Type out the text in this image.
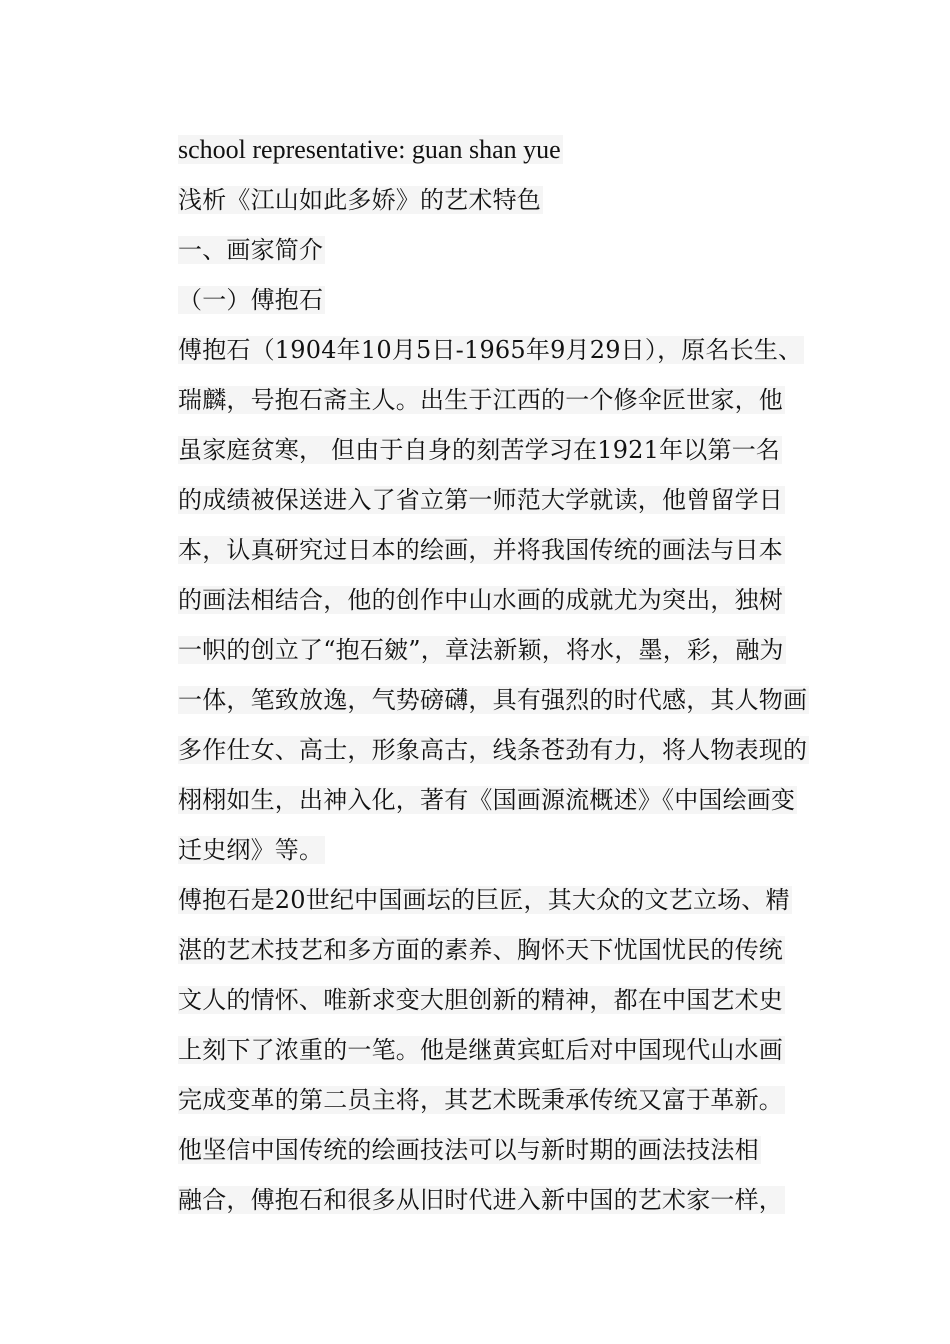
school representative: guan shan yue
浅析《江山如此多娇》的艺术特色
一、画家简介
（一）傅抱石
傅抱石（1904年10月5日-1965年9月29日），原名长生、
瑞麟，号抱石斋主人。出生于江西的一个修伞匠世家，他
虽家庭贫寒， 但由于自身的刻苦学习在1921年以第一名
的成绩被保送进入了省立第一师范大学就读，他曾留学日
本，认真研究过日本的绘画，并将我国传统的画法与日本
的画法相结合，他的创作中山水画的成就尤为突出，独树
一帜的创立了“抱石皴”，章法新颖，将水，墨，彩，融为
一体，笔致放逸，气势磅礴，具有强烈的时代感，其人物画
多作仕女、高士，形象高古，线条苍劲有力，将人物表现的
栩栩如生，出神入化，著有《国画源流概述》《中国绘画变
迁史纲》等。
傅抱石是20世纪中国画坛的巨匠，其大众的文艺立场、精
湛的艺术技艺和多方面的素养、胸怀天下忧国忧民的传统
文人的情怀、唯新求变大胆创新的精神，都在中国艺术史
上刻下了浓重的一笔。他是继黄宾虹后对中国现代山水画
完成变革的第二员主将，其艺术既秉承传统又富于革新。
他坚信中国传统的绘画技法可以与新时期的画法技法相
融合，傅抱石和很多从旧时代进入新中国的艺术家一样，
